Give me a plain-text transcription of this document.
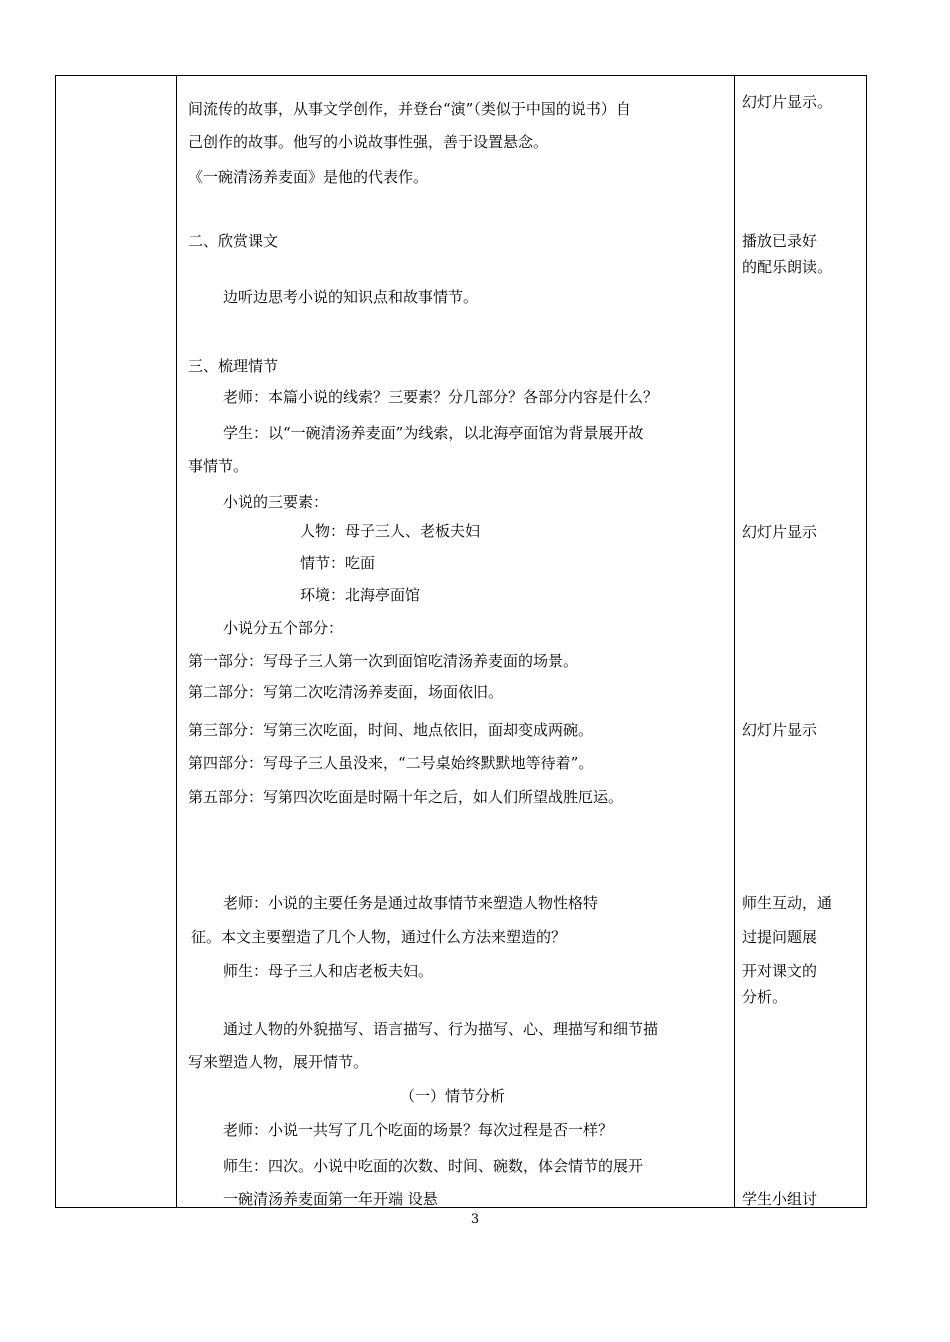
间流传的故事，从事文学创作，并登台“演”（类似于中国的说书）自
己创作的故事。他写的小说故事性强，善于设置悬念。
《一碗清汤养麦面》是他的代表作。
二、欣赏课文
边听边思考小说的知识点和故事情节。
三、梳理情节
老师：本篇小说的线索？三要素？分几部分？各部分内容是什么？
学生：以“一碗清汤养麦面”为线索，以北海亭面馆为背景展开故
事情节。
小说的三要素：
人物：母子三人、老板夫妇
情节：吃面
环境：北海亭面馆
小说分五个部分：
第一部分：写母子三人第一次到面馆吃清汤养麦面的场景。
第二部分：写第二次吃清汤养麦面，场面依旧。
第三部分：写第三次吃面，时间、地点依旧，面却变成两碗。
第四部分：写母子三人虽没来，“二号桌始终默默地等待着”。
第五部分：写第四次吃面是时隔十年之后，如人们所望战胜厄运。
老师：小说的主要任务是通过故事情节来塑造人物性格特
征。本文主要塑造了几个人物，通过什么方法来塑造的？
师生：母子三人和店老板夫妇。
通过人物的外貌描写、语言描写、行为描写、心、理描写和细节描
写来塑造人物，展开情节。
（一）情节分析
老师：小说一共写了几个吃面的场景？每次过程是否一样？
师生：四次。小说中吃面的次数、时间、碗数，体会情节的展开
一碗清汤养麦面第一年开端 设悬
幻灯片显示。
播放已录好
的配乐朗读。
幻灯片显示
幻灯片显示
师生互动，通
过提问题展
开对课文的
分析。
学生小组讨
3
